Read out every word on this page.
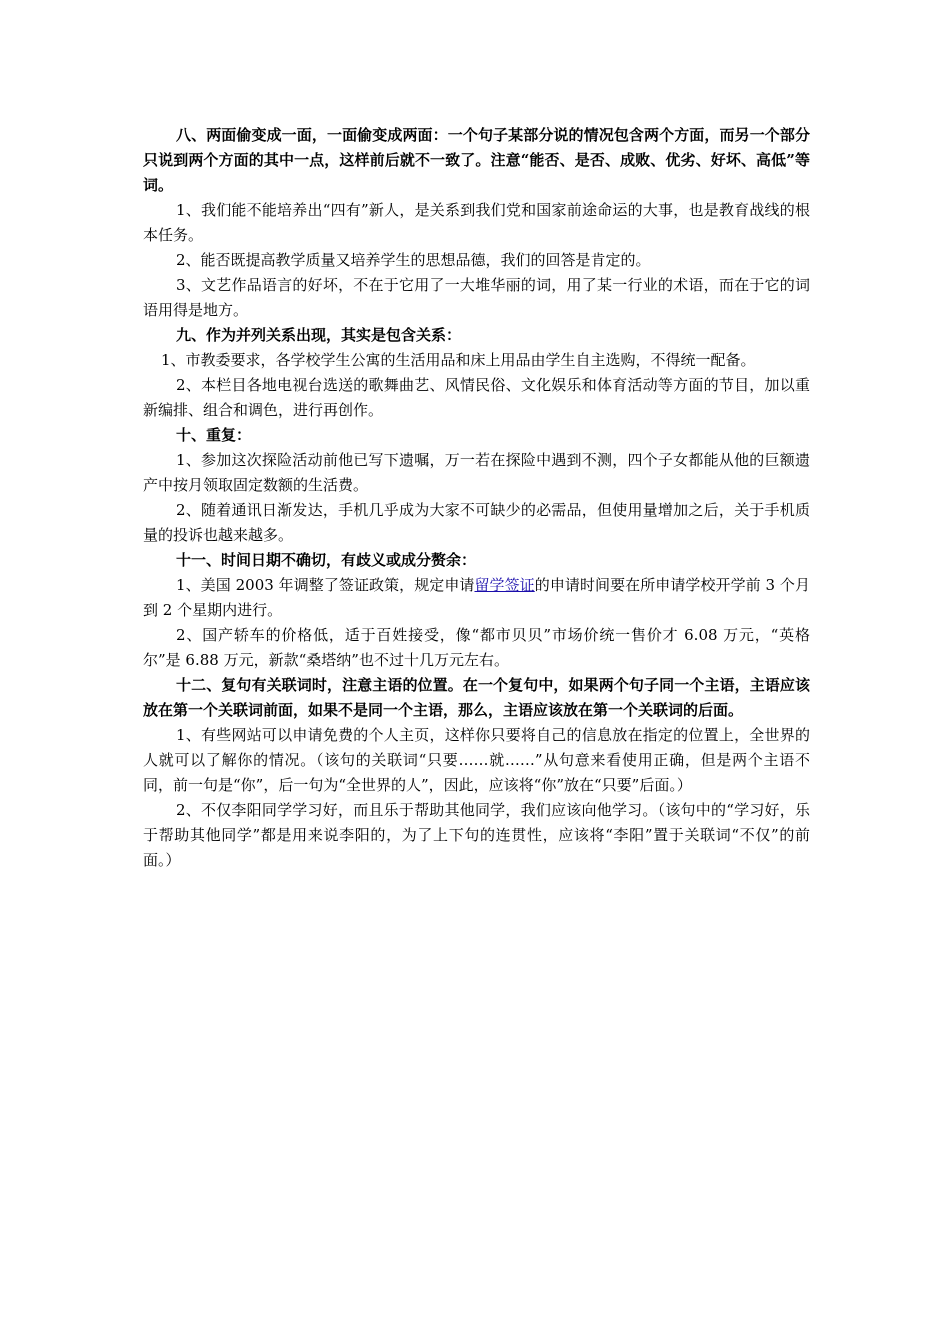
八、两面偷变成一面，一面偷变成两面：一个句子某部分说的情况包含两个方面，而另一个部分只说到两个方面的其中一点，这样前后就不一致了。注意“能否、是否、成败、优劣、好坏、高低”等词。

1、我们能不能培养出“四有”新人，是关系到我们党和国家前途命运的大事，也是教育战线的根本任务。

2、能否既提高教学质量又培养学生的思想品德，我们的回答是肯定的。

3、文艺作品语言的好坏，不在于它用了一大堆华丽的词，用了某一行业的术语，而在于它的词语用得是地方。

九、作为并列关系出现，其实是包含关系：

1、市教委要求，各学校学生公寓的生活用品和床上用品由学生自主选购，不得统一配备。

2、本栏目各地电视台选送的歌舞曲艺、风情民俗、文化娱乐和体育活动等方面的节目，加以重新编排、组合和调色，进行再创作。

十、重复：

1、参加这次探险活动前他已写下遗嘱，万一若在探险中遇到不测，四个子女都能从他的巨额遗产中按月领取固定数额的生活费。

2、随着通讯日渐发达，手机几乎成为大家不可缺少的必需品，但使用量增加之后，关于手机质量的投诉也越来越多。

十一、时间日期不确切，有歧义或成分赘余：

1、美国 2003 年调整了签证政策，规定申请留学签证的申请时间要在所申请学校开学前 3 个月到 2 个星期内进行。

2、国产轿车的价格低，适于百姓接受，像“都市贝贝”市场价统一售价才 6.08 万元，“英格尔”是 6.88 万元，新款“桑塔纳”也不过十几万元左右。

十二、复句有关联词时，注意主语的位置。在一个复句中，如果两个句子同一个主语，主语应该放在第一个关联词前面，如果不是同一个主语，那么，主语应该放在第一个关联词的后面。

1、有些网站可以申请免费的个人主页，这样你只要将自己的信息放在指定的位置上，全世界的人就可以了解你的情况。（该句的关联词“只要……就……”从句意来看使用正确，但是两个主语不同，前一句是“你”，后一句为“全世界的人”，因此，应该将“你”放在“只要”后面。）

2、不仅李阳同学学习好，而且乐于帮助其他同学，我们应该向他学习。（该句中的“学习好，乐于帮助其他同学”都是用来说李阳的，为了上下句的连贯性，应该将“李阳”置于关联词“不仅”的前面。）
